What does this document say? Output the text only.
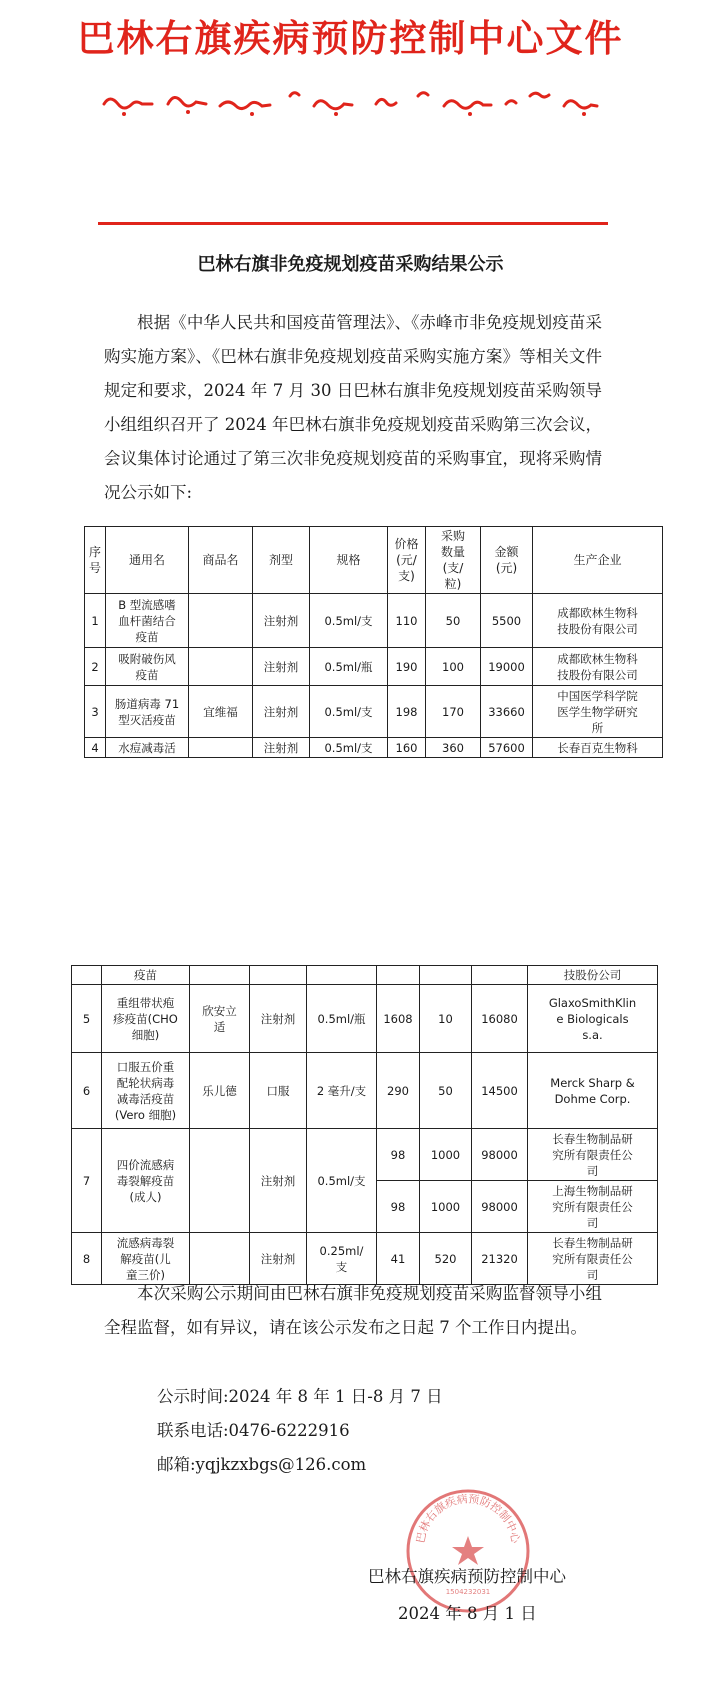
巴林右旗疾病预防控制中心文件
巴林右旗非免疫规划疫苗采购结果公示
根据《中华人民共和国疫苗管理法》、《赤峰市非免疫规划疫苗采购实施方案》、《巴林右旗非免疫规划疫苗采购实施方案》等相关文件规定和要求，2024 年 7 月 30 日巴林右旗非免疫规划疫苗采购领导小组组织召开了 2024 年巴林右旗非免疫规划疫苗采购第三次会议，会议集体讨论通过了第三次非免疫规划疫苗的采购事宜，现将采购情况公示如下:
序
号	通用名	商品名	剂型	规格	价格
(元/
支)	采购
数量
(支/
粒)	金额
(元)	生产企业
1	B 型流感嗜
血杆菌结合
疫苗		注射剂	0.5ml/支	110	50	5500	成都欧林生物科
技股份有限公司
2	吸附破伤风
疫苗		注射剂	0.5ml/瓶	190	100	19000	成都欧林生物科
技股份有限公司
3	肠道病毒 71
型灭活疫苗	宜维福	注射剂	0.5ml/支	198	170	33660	中国医学科学院
医学生物学研究
所
4	水痘减毒活		注射剂	0.5ml/支	160	360	57600	长春百克生物科
	疫苗							技股份公司
5	重组带状疱
疹疫苗(CHO
细胞)	欣安立
适	注射剂	0.5ml/瓶	1608	10	16080	GlaxoSmithKlin
e Biologicals
s.a.
6	口服五价重
配轮状病毒
减毒活疫苗
(Vero 细胞)	乐儿德	口服	2 毫升/支	290	50	14500	Merck Sharp &
Dohme Corp.
7	四价流感病
毒裂解疫苗
(成人)		注射剂	0.5ml/支	98	1000	98000	长春生物制品研
究所有限责任公
司
					98	1000	98000	上海生物制品研
究所有限责任公
司
8	流感病毒裂
解疫苗(儿
童三价)		注射剂	0.25ml/
支	41	520	21320	长春生物制品研
究所有限责任公
司
本次采购公示期间由巴林右旗非免疫规划疫苗采购监督领导小组全程监督，如有异议，请在该公示发布之日起 7 个工作日内提出。
公示时间:2024 年 8 年 1 日-8 月 7 日
联系电话:0476-6222916
邮箱:yqjkzxbgs@126.com
巴林右旗疾病预防控制中心
1504232031
巴林右旗疾病预防控制中心
2024 年 8 月 1 日
